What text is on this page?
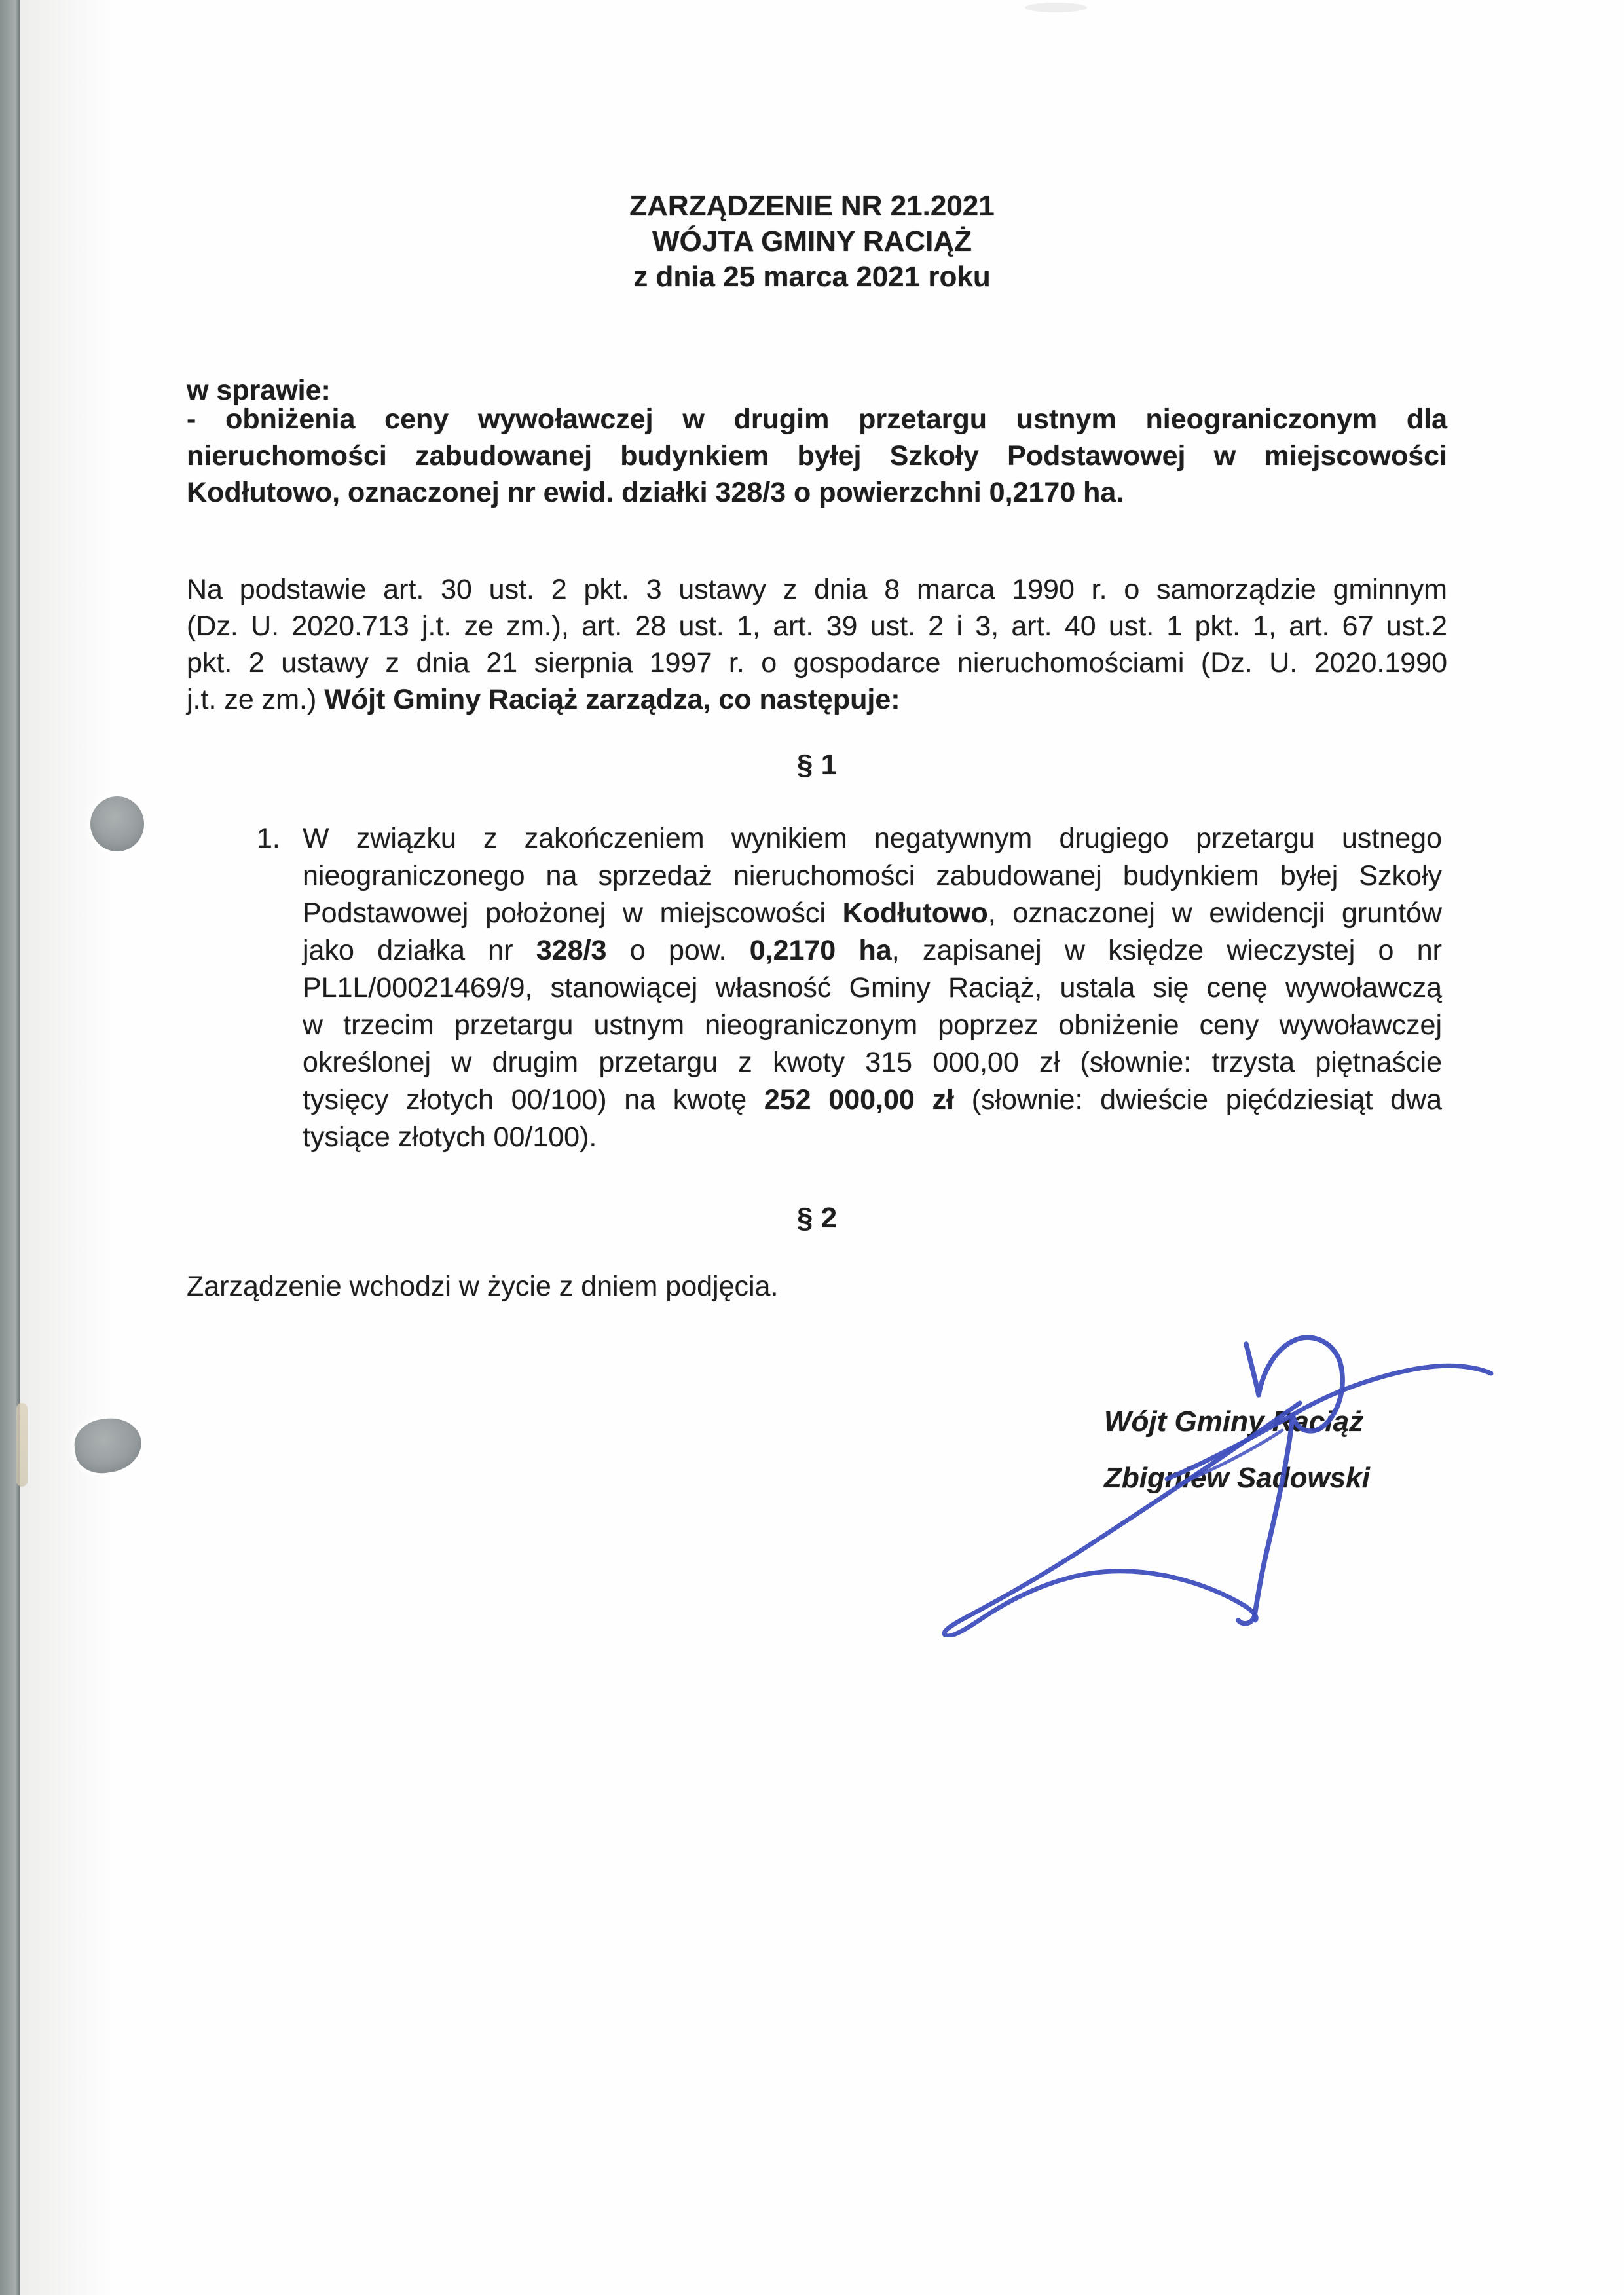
ZARZĄDZENIE NR 21.2021
WÓJTA GMINY RACIĄŻ
z dnia 25 marca 2021 roku
w sprawie:
- obniżenia ceny wywoławczej w drugim przetargu ustnym nieograniczonym dla
nieruchomości zabudowanej budynkiem byłej Szkoły Podstawowej w miejscowości
Kodłutowo, oznaczonej nr ewid. działki 328/3 o powierzchni 0,2170 ha.
Na podstawie art. 30 ust. 2 pkt. 3 ustawy z dnia 8 marca 1990 r. o samorządzie gminnym
(Dz. U. 2020.713 j.t. ze zm.), art. 28 ust. 1, art. 39 ust. 2 i 3, art. 40 ust. 1 pkt. 1, art. 67 ust.2
pkt. 2 ustawy z dnia 21 sierpnia 1997 r. o gospodarce nieruchomościami (Dz. U. 2020.1990
j.t. ze zm.) Wójt Gminy Raciąż zarządza, co następuje:
§ 1
1. W związku z zakończeniem wynikiem negatywnym drugiego przetargu ustnego
nieograniczonego na sprzedaż nieruchomości zabudowanej budynkiem byłej Szkoły
Podstawowej położonej w miejscowości Kodłutowo, oznaczonej w ewidencji gruntów
jako działka nr 328/3 o pow. 0,2170 ha, zapisanej w księdze wieczystej o nr
PL1L/00021469/9, stanowiącej własność Gminy Raciąż, ustala się cenę wywoławczą
w trzecim przetargu ustnym nieograniczonym poprzez obniżenie ceny wywoławczej
określonej w drugim przetargu z kwoty 315 000,00 zł (słownie: trzysta piętnaście
tysięcy złotych 00/100) na kwotę 252 000,00 zł (słownie: dwieście pięćdziesiąt dwa
tysiące złotych 00/100).
§ 2
Zarządzenie wchodzi w życie z dniem podjęcia.
Wójt Gminy Raciąż
Zbigniew Sadowski
